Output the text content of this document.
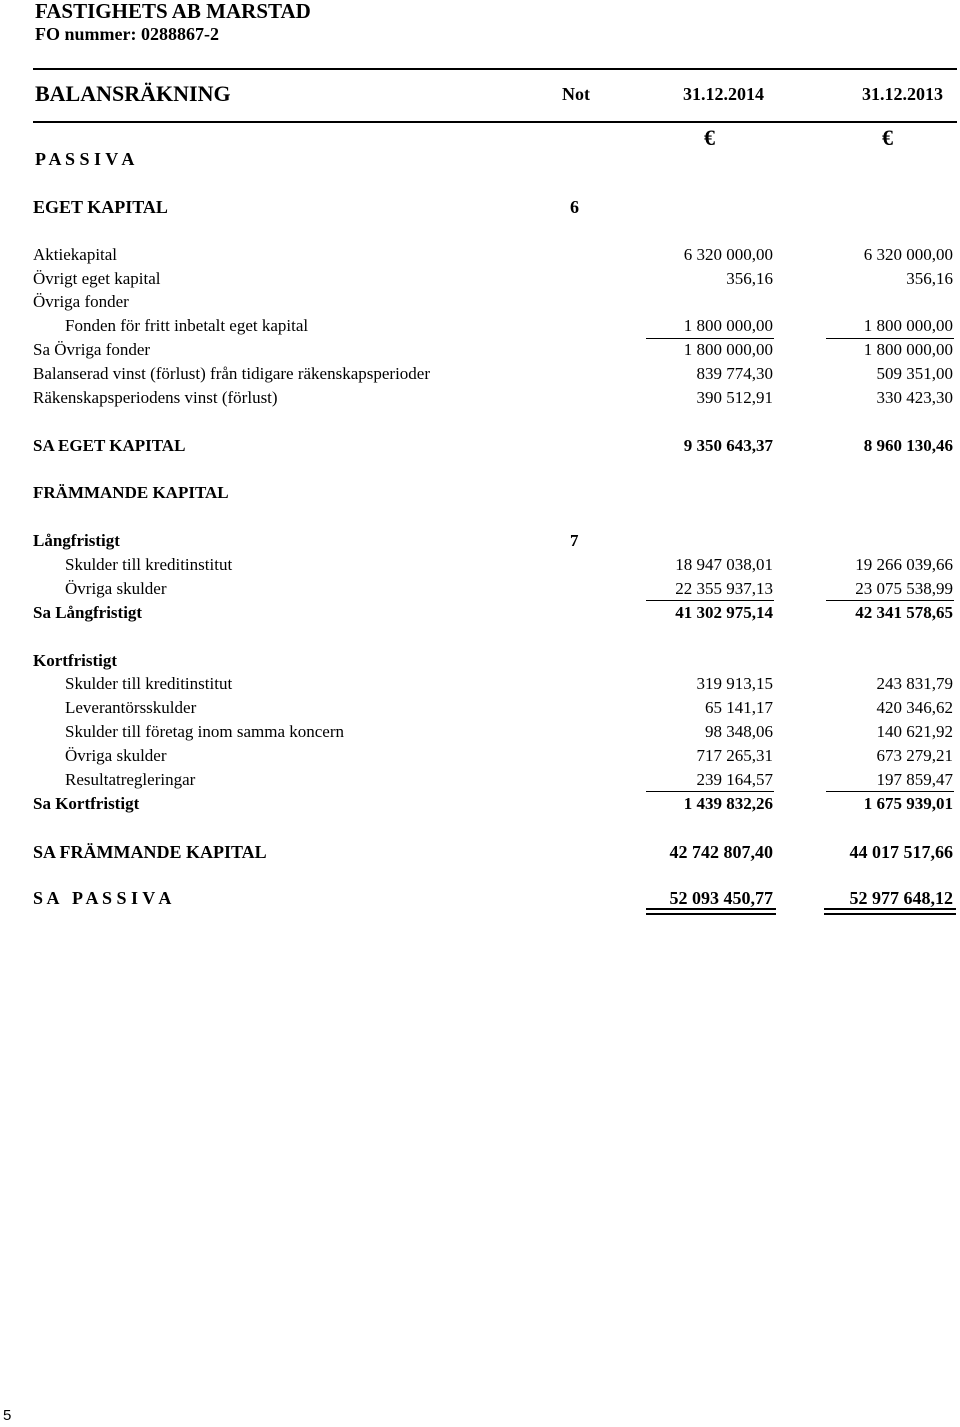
FASTIGHETS AB MARSTAD
FO nummer: 0288867-2
BALANSRÄKNING	Not	31.12.2014	31.12.2013
€	€
P A S S I V A
EGET KAPITAL	6
Aktiekapital	6 320 000,00	6 320 000,00
Övrigt eget kapital	356,16	356,16
Övriga fonder
Fonden för fritt inbetalt eget kapital	1 800 000,00	1 800 000,00
Sa Övriga fonder	1 800 000,00	1 800 000,00
Balanserad vinst (förlust) från tidigare räkenskapsperioder	839 774,30	509 351,00
Räkenskapsperiodens vinst (förlust)	390 512,91	330 423,30
SA EGET KAPITAL	9 350 643,37	8 960 130,46
FRÄMMANDE KAPITAL
Långfristigt	7
Skulder till kreditinstitut	18 947 038,01	19 266 039,66
Övriga skulder	22 355 937,13	23 075 538,99
Sa Långfristigt	41 302 975,14	42 341 578,65
Kortfristigt
Skulder till kreditinstitut	319 913,15	243 831,79
Leverantörsskulder	65 141,17	420 346,62
Skulder till företag inom samma koncern	98 348,06	140 621,92
Övriga skulder	717 265,31	673 279,21
Resultatregleringar	239 164,57	197 859,47
Sa Kortfristigt	1 439 832,26	1 675 939,01
SA FRÄMMANDE KAPITAL	42 742 807,40	44 017 517,66
S A   P A S S I V A	52 093 450,77	52 977 648,12
5
